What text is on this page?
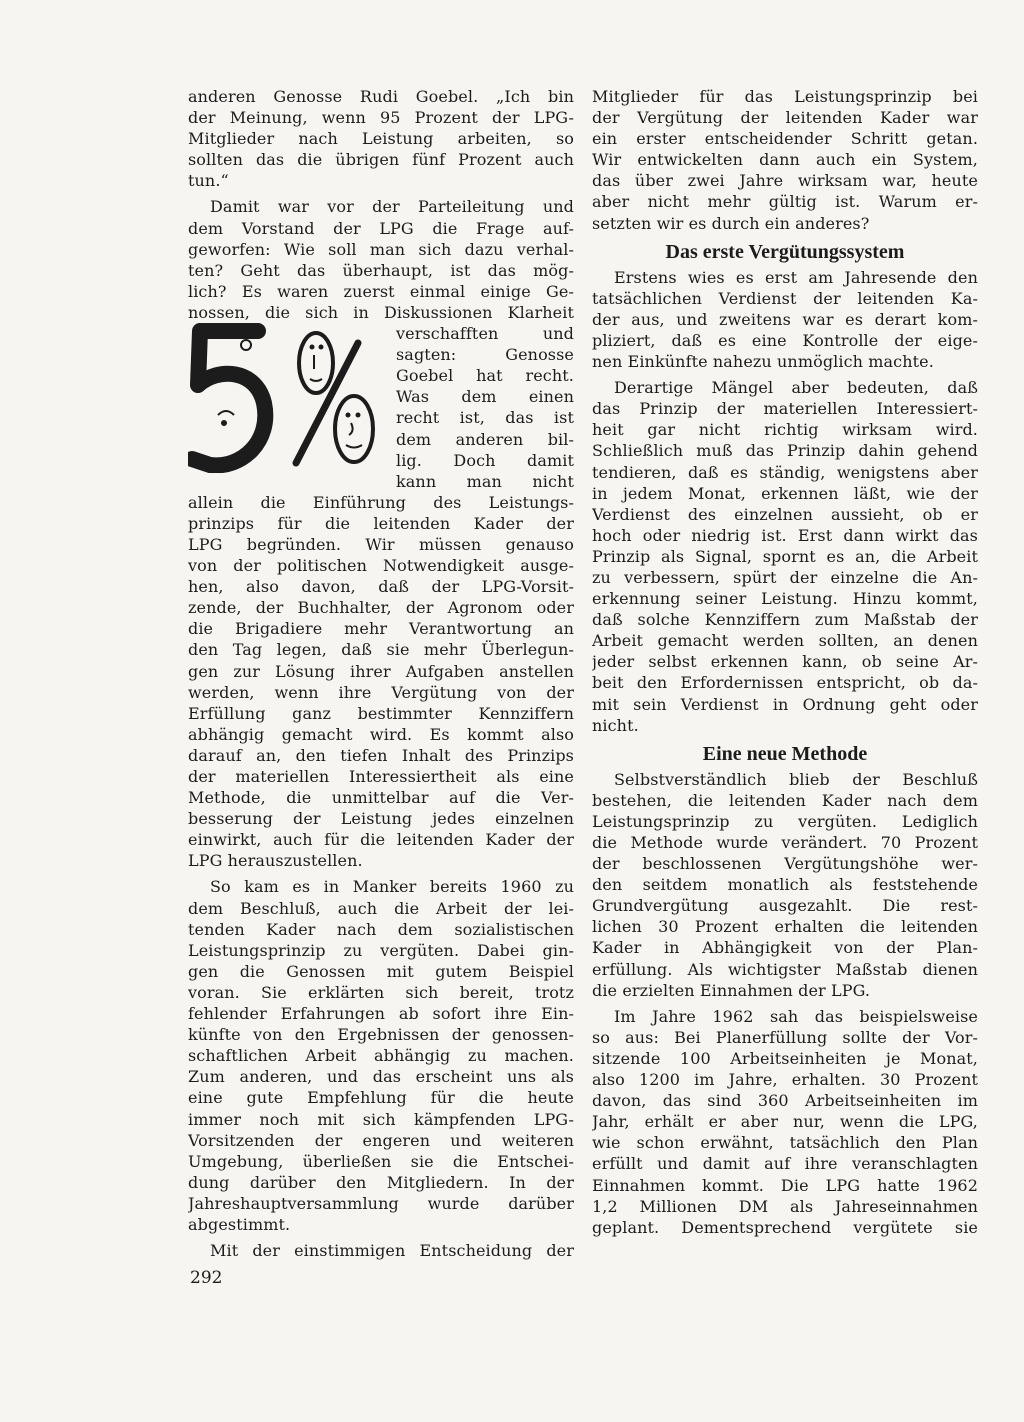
anderen Genosse Rudi Goebel. „Ich bin
der Meinung, wenn 95 Prozent der LPG-
Mitglieder nach Leistung arbeiten, so
sollten das die übrigen fünf Prozent auch
tun.“
Damit war vor der Parteileitung und
dem Vorstand der LPG die Frage auf-
geworfen: Wie soll man sich dazu verhal-
ten? Geht das überhaupt, ist das mög-
lich? Es waren zuerst einmal einige Ge-
nossen, die sich in Diskussionen Klarheit
verschafften und
sagten: Genosse
Goebel hat recht.
Was dem einen
recht ist, das ist
dem anderen bil-
lig. Doch damit
kann man nicht
allein die Einführung des Leistungs-
prinzips für die leitenden Kader der
LPG begründen. Wir müssen genauso
von der politischen Notwendigkeit ausge-
hen, also davon, daß der LPG-Vorsit-
zende, der Buchhalter, der Agronom oder
die Brigadiere mehr Verantwortung an
den Tag legen, daß sie mehr Überlegun-
gen zur Lösung ihrer Aufgaben anstellen
werden, wenn ihre Vergütung von der
Erfüllung ganz bestimmter Kennziffern
abhängig gemacht wird. Es kommt also
darauf an, den tiefen Inhalt des Prinzips
der materiellen Interessiertheit als eine
Methode, die unmittelbar auf die Ver-
besserung der Leistung jedes einzelnen
einwirkt, auch für die leitenden Kader der
LPG herauszustellen.
So kam es in Manker bereits 1960 zu
dem Beschluß, auch die Arbeit der lei-
tenden Kader nach dem sozialistischen
Leistungsprinzip zu vergüten. Dabei gin-
gen die Genossen mit gutem Beispiel
voran. Sie erklärten sich bereit, trotz
fehlender Erfahrungen ab sofort ihre Ein-
künfte von den Ergebnissen der genossen-
schaftlichen Arbeit abhängig zu machen.
Zum anderen, und das erscheint uns als
eine gute Empfehlung für die heute
immer noch mit sich kämpfenden LPG-
Vorsitzenden der engeren und weiteren
Umgebung, überließen sie die Entschei-
dung darüber den Mitgliedern. In der
Jahreshauptversammlung wurde darüber
abgestimmt.
Mit der einstimmigen Entscheidung der
Mitglieder für das Leistungsprinzip bei
der Vergütung der leitenden Kader war
ein erster entscheidender Schritt getan.
Wir entwickelten dann auch ein System,
das über zwei Jahre wirksam war, heute
aber nicht mehr gültig ist. Warum er-
setzten wir es durch ein anderes?
Das erste Vergütungssystem
Erstens wies es erst am Jahresende den
tatsächlichen Verdienst der leitenden Ka-
der aus, und zweitens war es derart kom-
pliziert, daß es eine Kontrolle der eige-
nen Einkünfte nahezu unmöglich machte.
Derartige Mängel aber bedeuten, daß
das Prinzip der materiellen Interessiert-
heit gar nicht richtig wirksam wird.
Schließlich muß das Prinzip dahin gehend
tendieren, daß es ständig, wenigstens aber
in jedem Monat, erkennen läßt, wie der
Verdienst des einzelnen aussieht, ob er
hoch oder niedrig ist. Erst dann wirkt das
Prinzip als Signal, spornt es an, die Arbeit
zu verbessern, spürt der einzelne die An-
erkennung seiner Leistung. Hinzu kommt,
daß solche Kennziffern zum Maßstab der
Arbeit gemacht werden sollten, an denen
jeder selbst erkennen kann, ob seine Ar-
beit den Erfordernissen entspricht, ob da-
mit sein Verdienst in Ordnung geht oder
nicht.
Eine neue Methode
Selbstverständlich blieb der Beschluß
bestehen, die leitenden Kader nach dem
Leistungsprinzip zu vergüten. Lediglich
die Methode wurde verändert. 70 Prozent
der beschlossenen Vergütungshöhe wer-
den seitdem monatlich als feststehende
Grundvergütung ausgezahlt. Die rest-
lichen 30 Prozent erhalten die leitenden
Kader in Abhängigkeit von der Plan-
erfüllung. Als wichtigster Maßstab dienen
die erzielten Einnahmen der LPG.
Im Jahre 1962 sah das beispielsweise
so aus: Bei Planerfüllung sollte der Vor-
sitzende 100 Arbeitseinheiten je Monat,
also 1200 im Jahre, erhalten. 30 Prozent
davon, das sind 360 Arbeitseinheiten im
Jahr, erhält er aber nur, wenn die LPG,
wie schon erwähnt, tatsächlich den Plan
erfüllt und damit auf ihre veranschlagten
Einnahmen kommt. Die LPG hatte 1962
1,2 Millionen DM als Jahreseinnahmen
geplant. Dementsprechend vergütete sie
292
